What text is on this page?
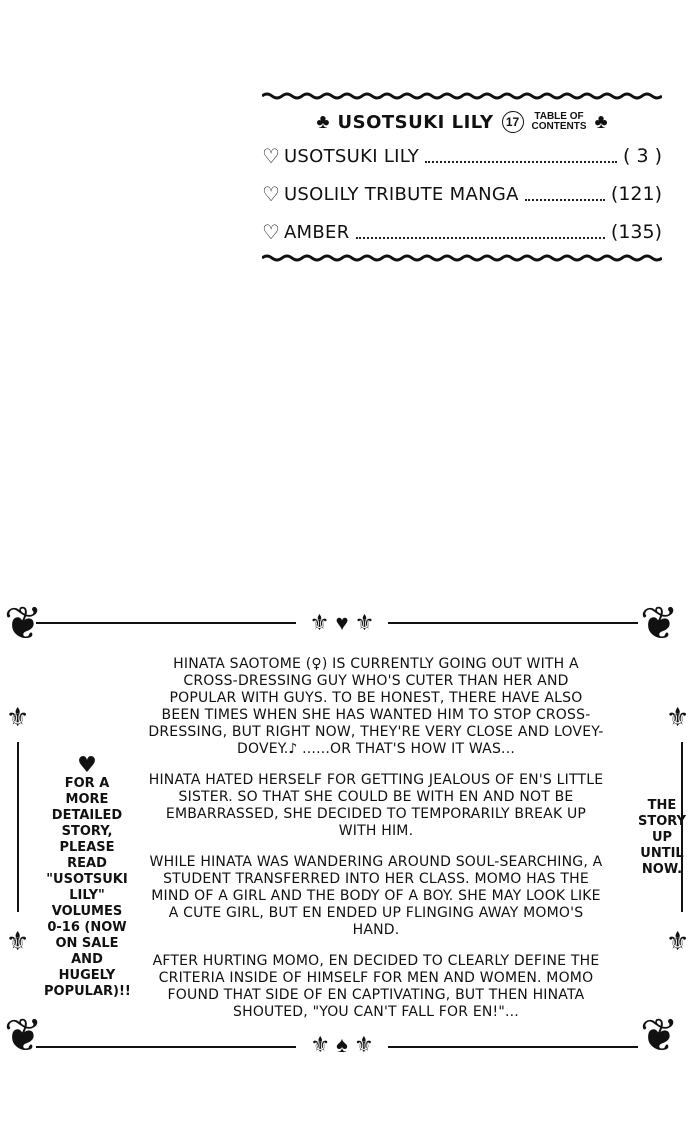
♣ USOTSUKI LILY	17	TABLE OF
CONTENTS ♣
♡ USOTSUKI LILY	( 3 )
♡ USOLILY TRIBUTE MANGA	(121)
♡ AMBER	(135)
❦	❦
❦	❦
⚜	⚜
⚜	⚜
⚜ ♥ ⚜
⚜ ♠ ⚜

HINATA SAOTOME (♀) IS CURRENTLY GOING OUT WITH A CROSS-DRESSING GUY WHO'S CUTER THAN HER AND POPULAR WITH GUYS. TO BE HONEST, THERE HAVE ALSO BEEN TIMES WHEN SHE HAS WANTED HIM TO STOP CROSS-DRESSING, BUT RIGHT NOW, THEY'RE VERY CLOSE AND LOVEY-DOVEY.♪ ......OR THAT'S HOW IT WAS...

HINATA HATED HERSELF FOR GETTING JEALOUS OF EN'S LITTLE SISTER. SO THAT SHE COULD BE WITH EN AND NOT BE EMBARRASSED, SHE DECIDED TO TEMPORARILY BREAK UP WITH HIM.

WHILE HINATA WAS WANDERING AROUND SOUL-SEARCHING, A STUDENT TRANSFERRED INTO HER CLASS. MOMO HAS THE MIND OF A GIRL AND THE BODY OF A BOY. SHE MAY LOOK LIKE A CUTE GIRL, BUT EN ENDED UP FLINGING AWAY MOMO'S HAND.

AFTER HURTING MOMO, EN DECIDED TO CLEARLY DEFINE THE CRITERIA INSIDE OF HIMSELF FOR MEN AND WOMEN. MOMO FOUND THAT SIDE OF EN CAPTIVATING, BUT THEN HINATA SHOUTED, "YOU CAN'T FALL FOR EN!"...

♥
FOR A MORE DETAILED STORY, PLEASE READ "USOTSUKI LILY" VOLUMES 0-16 (NOW ON SALE AND HUGELY POPULAR)!!
THE STORY UP UNTIL NOW.
